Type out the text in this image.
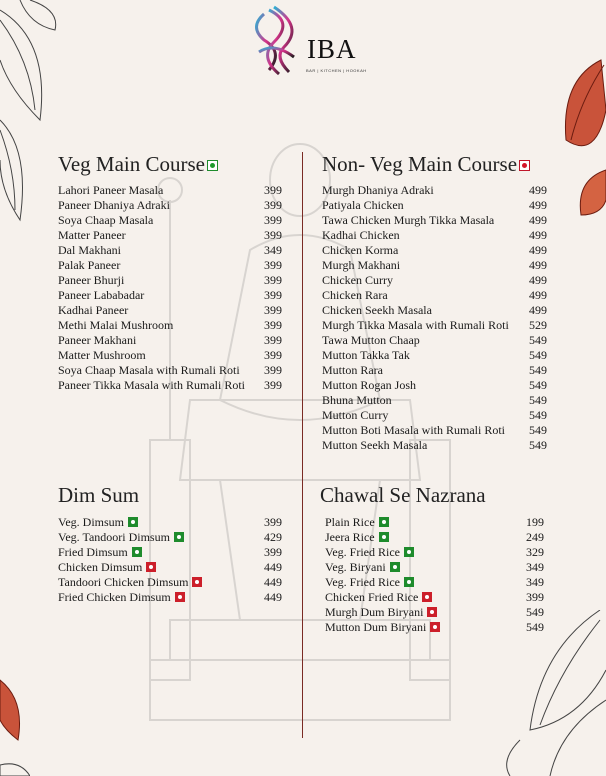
IBA
BAR | KITCHEN | HOOKAH
Veg Main Course
Lahori Paneer Masala	399
Paneer Dhaniya Adraki	399
Soya Chaap Masala	399
Matter Paneer	399
Dal Makhani	349
Palak Paneer	399
Paneer Bhurji	399
Paneer Lababadar	399
Kadhai Paneer	399
Methi Malai Mushroom	399
Paneer Makhani	399
Matter Mushroom	399
Soya Chaap Masala with Rumali Roti 399
Paneer Tikka Masala with Rumali Roti 399
Non- Veg Main Course
Murgh Dhaniya Adraki	499
Patiyala Chicken	499
Tawa Chicken Murgh Tikka Masala	499
Kadhai Chicken	499
Chicken Korma	499
Murgh Makhani	499
Chicken Curry	499
Chicken Rara	499
Chicken Seekh Masala	499
Murgh Tikka Masala with Rumali Roti 529
Tawa Mutton Chaap	549
Mutton Takka Tak	549
Mutton Rara	549
Mutton Rogan Josh	549
Bhuna Mutton	549
Mutton Curry	549
Mutton Boti Masala with Rumali Roti 549
Mutton Seekh Masala	549
Dim Sum
Veg. Dimsum	399
Veg. Tandoori Dimsum	429
Fried Dimsum	399
Chicken Dimsum	449
Tandoori Chicken Dimsum	449
Fried Chicken Dimsum	449
Chawal Se Nazrana
Plain Rice	199
Jeera Rice	249
Veg. Fried Rice	329
Veg. Biryani	349
Veg. Fried Rice	349
Chicken Fried Rice	399
Murgh Dum Biryani	549
Mutton Dum Biryani	549
